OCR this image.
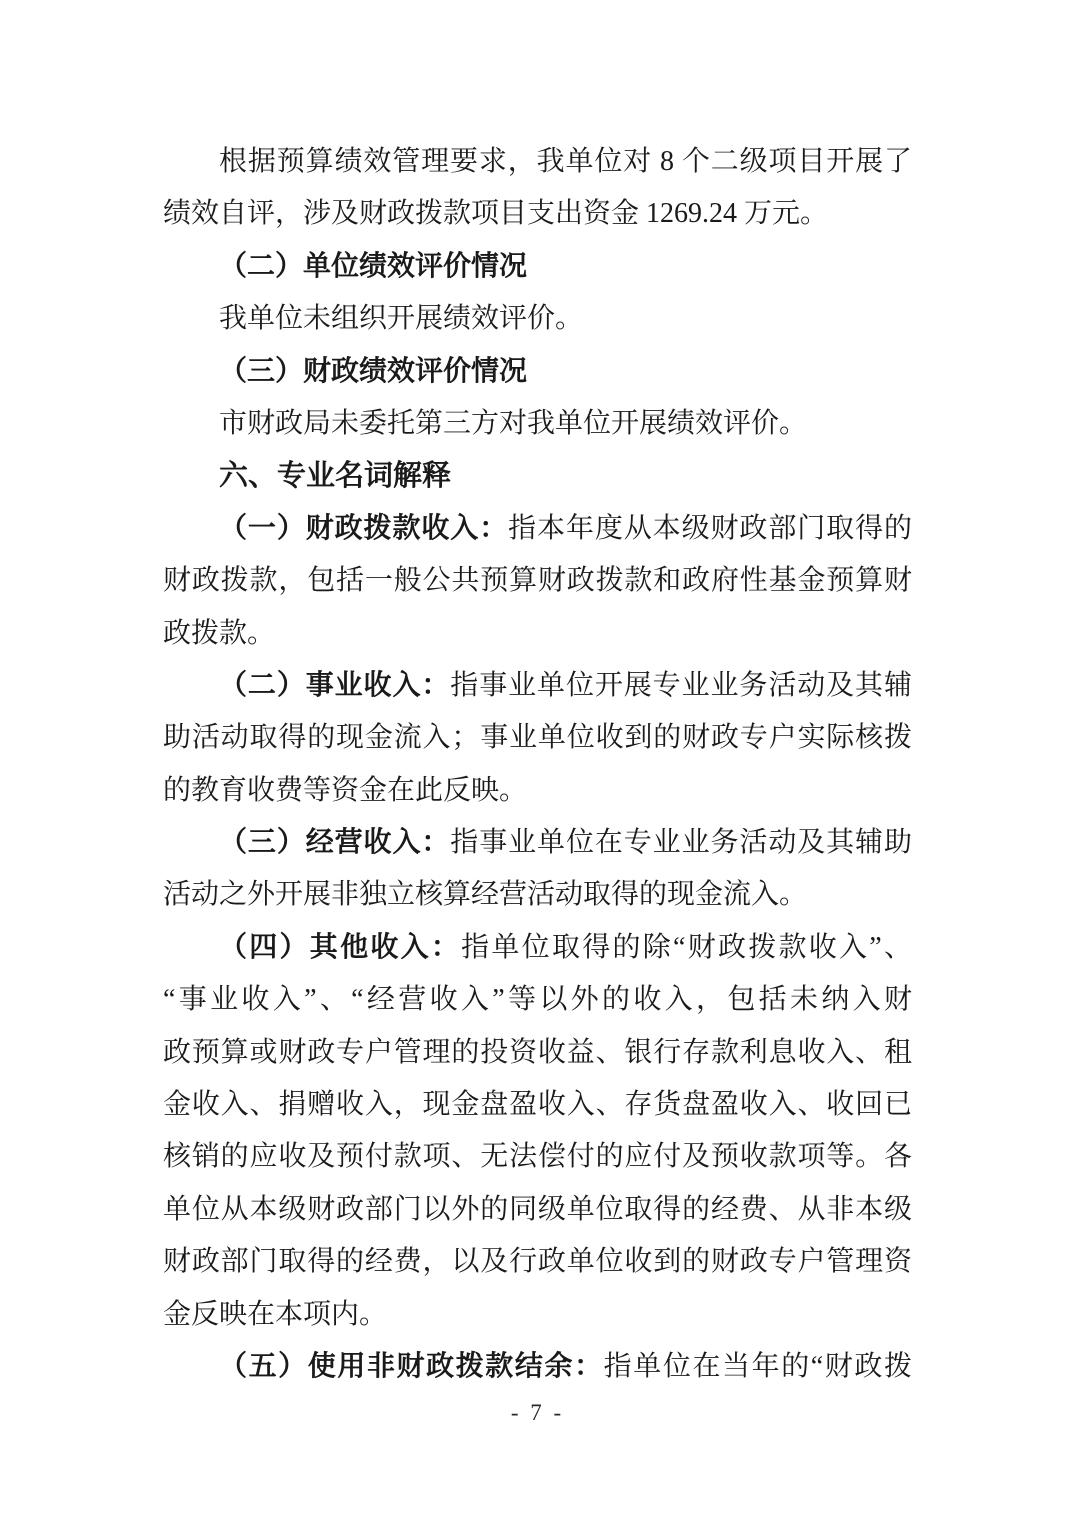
根据预算绩效管理要求，我单位对 8 个二级项目开展了
绩效自评，涉及财政拨款项目支出资金 1269.24 万元。
（二）单位绩效评价情况
我单位未组织开展绩效评价。
（三）财政绩效评价情况
市财政局未委托第三方对我单位开展绩效评价。
六、专业名词解释
（一）财政拨款收入：指本年度从本级财政部门取得的
财政拨款，包括一般公共预算财政拨款和政府性基金预算财
政拨款。
（二）事业收入：指事业单位开展专业业务活动及其辅
助活动取得的现金流入；事业单位收到的财政专户实际核拨
的教育收费等资金在此反映。
（三）经营收入：指事业单位在专业业务活动及其辅助
活动之外开展非独立核算经营活动取得的现金流入。
（四）其他收入：指单位取得的除“财政拨款收入”、
“事业收入”、“经营收入”等以外的收入，包括未纳入财
政预算或财政专户管理的投资收益、银行存款利息收入、租
金收入、捐赠收入，现金盘盈收入、存货盘盈收入、收回已
核销的应收及预付款项、无法偿付的应付及预收款项等。各
单位从本级财政部门以外的同级单位取得的经费、从非本级
财政部门取得的经费，以及行政单位收到的财政专户管理资
金反映在本项内。
（五）使用非财政拨款结余：指单位在当年的“财政拨
- 7 -
